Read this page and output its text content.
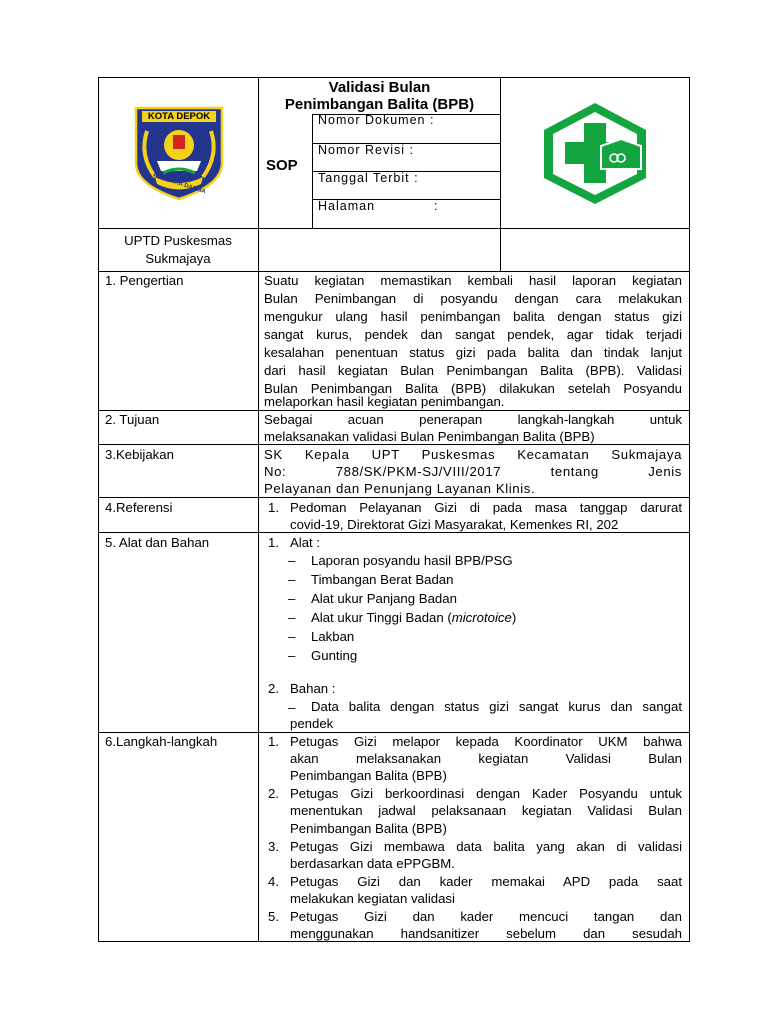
KOTA DEPOK
PARICARA DARMA
Validasi Bulan
Penimbangan Balita (BPB)
SOP
Nomor Dokumen :
Nomor Revisi :
Tanggal Terbit :
Halaman	:
UPTD Puskesmas
Sukmajaya
1. Pengertian	Suatu kegiatan memastikan kembali hasil laporan kegiatan
Bulan Penimbangan di posyandu dengan cara melakukan
mengukur ulang hasil penimbangan balita dengan status gizi
sangat kurus, pendek dan sangat pendek, agar tidak terjadi
kesalahan penentuan status gizi pada balita dan tindak lanjut
dari hasil kegiatan Bulan Penimbangan Balita (BPB). Validasi
Bulan Penimbangan Balita (BPB) dilakukan setelah Posyandu
melaporkan hasil kegiatan penimbangan.
2. Tujuan	Sebagai acuan penerapan langkah-langkah untuk
melaksanakan validasi Bulan Penimbangan Balita (BPB)
3.Kebijakan	SK Kepala UPT Puskesmas Kecamatan Sukmajaya
No: 788/SK/PKM-SJ/VIII/2017 tentang Jenis
Pelayanan dan Penunjang Layanan Klinis.
4.Referensi	1. Pedoman Pelayanan Gizi di pada masa tanggap darurat
covid-19, Direktorat Gizi Masyarakat, Kemenkes RI, 202
5. Alat dan Bahan	1. Alat :
– Laporan posyandu hasil BPB/PSG
– Timbangan Berat Badan
– Alat ukur Panjang Badan
– Alat ukur Tinggi Badan (microtoice)
– Lakban
– Gunting
2. Bahan :
– Data balita dengan status gizi sangat kurus dan sangat
pendek
6.Langkah-langkah	1. Petugas Gizi melapor kepada Koordinator UKM bahwa
akan melaksanakan kegiatan Validasi Bulan
Penimbangan Balita (BPB)
2. Petugas Gizi berkoordinasi dengan Kader Posyandu untuk
menentukan jadwal pelaksanaan kegiatan Validasi Bulan
Penimbangan Balita (BPB)
3. Petugas Gizi membawa data balita yang akan di validasi
berdasarkan data ePPGBM.
4. Petugas Gizi dan kader memakai APD pada saat
melakukan kegiatan validasi
5. Petugas Gizi dan kader mencuci tangan dan
menggunakan handsanitizer sebelum dan sesudah
